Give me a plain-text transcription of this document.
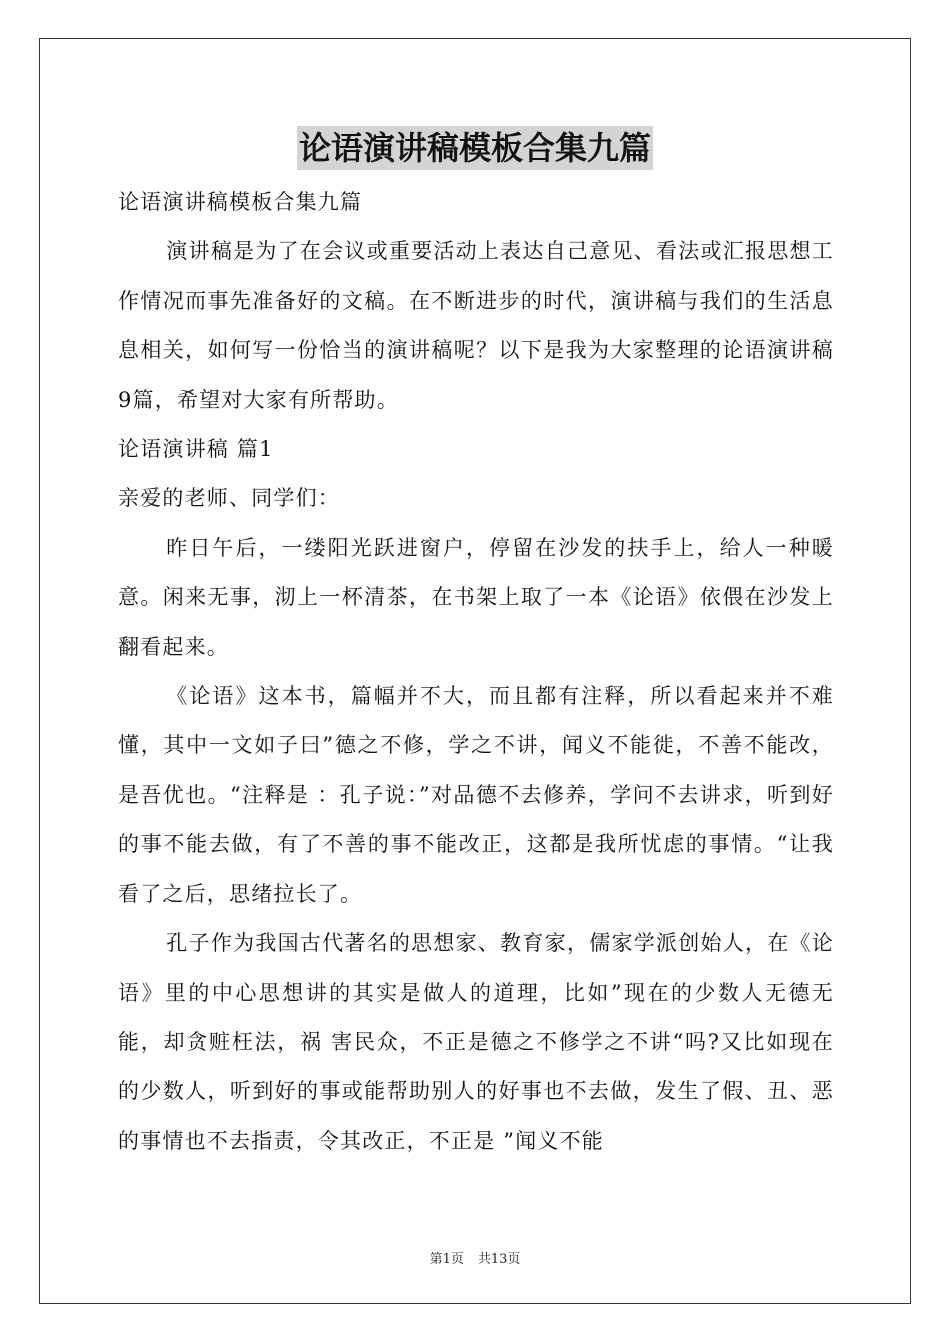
论语演讲稿模板合集九篇

论语演讲稿模板合集九篇

演讲稿是为了在会议或重要活动上表达自己意见、看法或汇报思想工作情况而事先准备好的文稿。在不断进步的时代，演讲稿与我们的生活息息相关，如何写一份恰当的演讲稿呢？以下是我为大家整理的论语演讲稿9篇，希望对大家有所帮助。

论语演讲稿 篇1

亲爱的老师、同学们：

昨日午后，一缕阳光跃进窗户，停留在沙发的扶手上，给人一种暖意。闲来无事，沏上一杯清茶，在书架上取了一本《论语》依偎在沙发上翻看起来。

《论语》这本书，篇幅并不大，而且都有注释，所以看起来并不难懂，其中一文如子曰”德之不修，学之不讲，闻义不能徙，不善不能改，是吾优也。“注释是 ：孔子说：”对品德不去修养，学问不去讲求，听到好的事不能去做，有了不善的事不能改正，这都是我所忧虑的事情。“让我看了之后，思绪拉长了。

孔子作为我国古代著名的思想家、教育家，儒家学派创始人，在《论语》里的中心思想讲的其实是做人的道理，比如”现在的少数人无德无能，却贪赃枉法，祸 害民众，不正是德之不修学之不讲“吗?又比如现在的少数人，听到好的事或能帮助别人的好事也不去做，发生了假、丑、恶的事情也不去指责，令其改正，不正是 ”闻义不能

第1页 共13页
